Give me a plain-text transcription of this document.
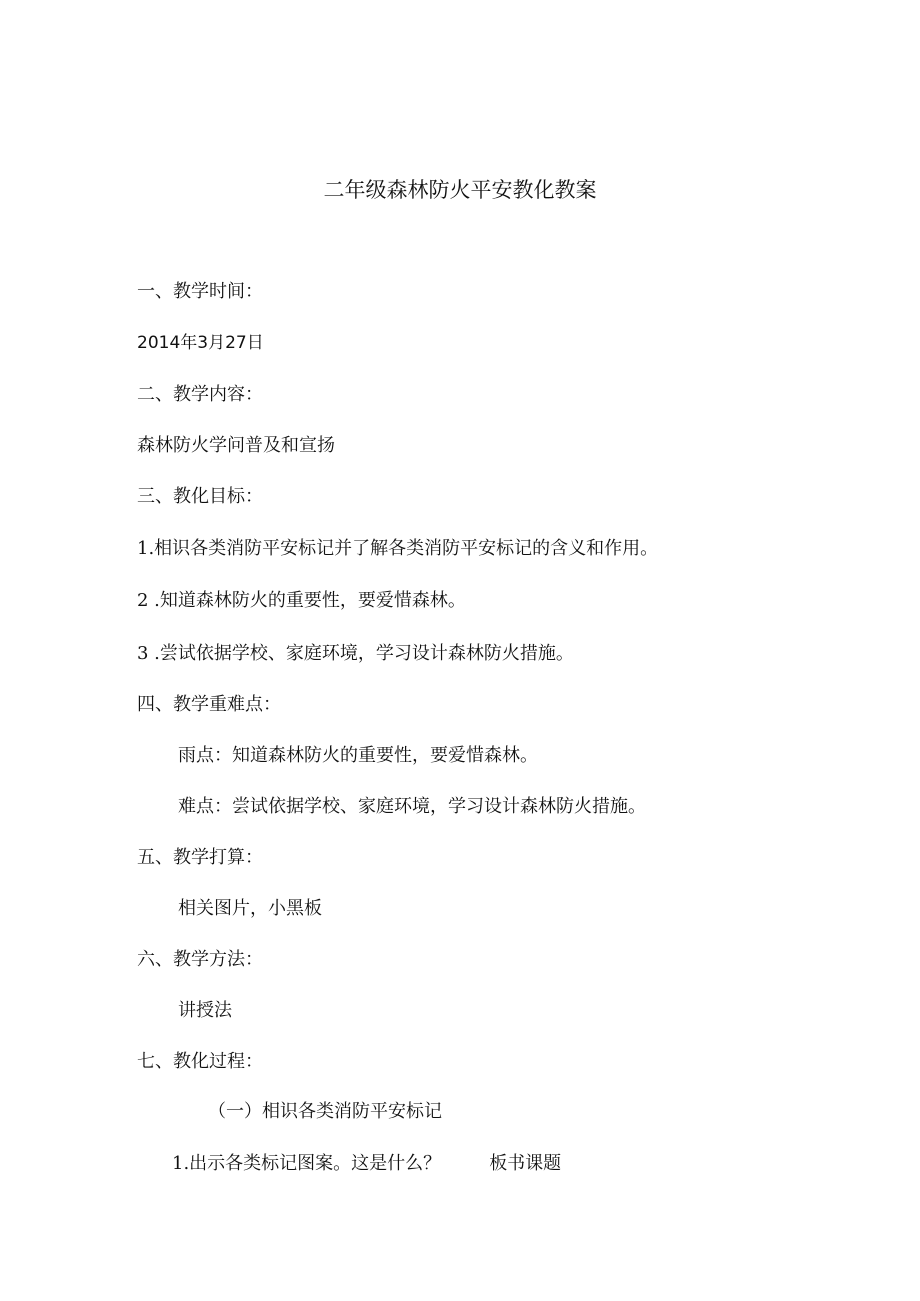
二年级森林防火平安教化教案
一、教学时间：
2014年3月27日
二、教学内容：
森林防火学问普及和宣扬
三、教化目标：
1.相识各类消防平安标记并了解各类消防平安标记的含义和作用。
2 .知道森林防火的重要性，要爱惜森林。
3 .尝试依据学校、家庭环境，学习设计森林防火措施。
四、教学重难点：
雨点：知道森林防火的重要性，要爱惜森林。
难点：尝试依据学校、家庭环境，学习设计森林防火措施。
五、教学打算：
相关图片，小黑板
六、教学方法：
讲授法
七、教化过程：
（一）相识各类消防平安标记
1.出示各类标记图案。这是什么？	板书课题
